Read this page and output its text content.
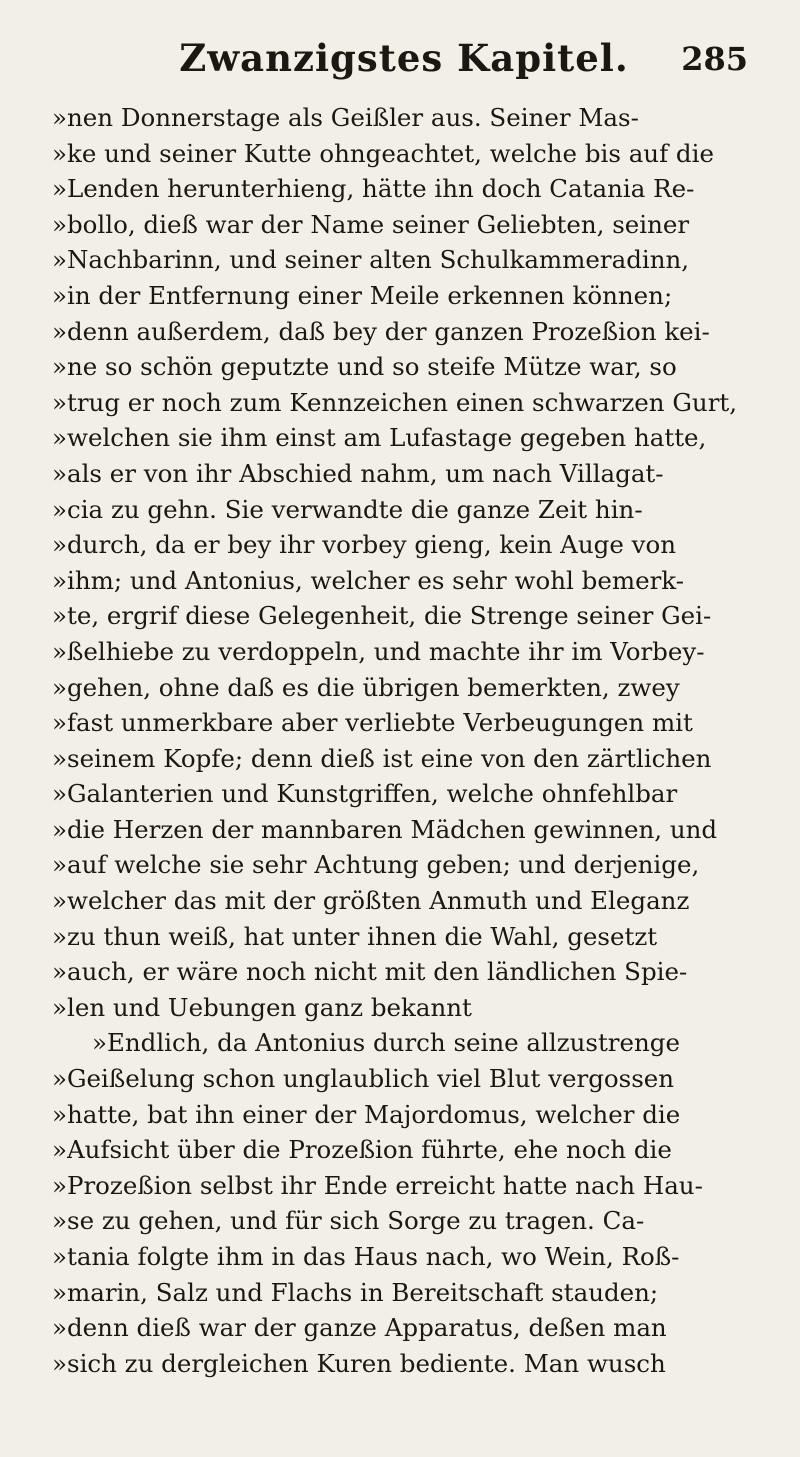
Zwanzigstes Kapitel.	285
»nen Donnerstage als Geißler aus. Seiner Mas-
»ke und seiner Kutte ohngeachtet, welche bis auf die
»Lenden herunterhieng, hätte ihn doch Catania Re-
»bollo, dieß war der Name seiner Geliebten, seiner
»Nachbarinn, und seiner alten Schulkammeradinn,
»in der Entfernung einer Meile erkennen können;
»denn außerdem, daß bey der ganzen Prozeßion kei-
»ne so schön geputzte und so steife Mütze war, so
»trug er noch zum Kennzeichen einen schwarzen Gurt,
»welchen sie ihm einst am Lufastage gegeben hatte,
»als er von ihr Abschied nahm, um nach Villagat-
»cia zu gehn. Sie verwandte die ganze Zeit hin-
»durch, da er bey ihr vorbey gieng, kein Auge von
»ihm; und Antonius, welcher es sehr wohl bemerk-
»te, ergrif diese Gelegenheit, die Strenge seiner Gei-
»ßelhiebe zu verdoppeln, und machte ihr im Vorbey-
»gehen, ohne daß es die übrigen bemerkten, zwey
»fast unmerkbare aber verliebte Verbeugungen mit
»seinem Kopfe; denn dieß ist eine von den zärtlichen
»Galanterien und Kunstgriffen, welche ohnfehlbar
»die Herzen der mannbaren Mädchen gewinnen, und
»auf welche sie sehr Achtung geben; und derjenige,
»welcher das mit der größten Anmuth und Eleganz
»zu thun weiß, hat unter ihnen die Wahl, gesetzt
»auch, er wäre noch nicht mit den ländlichen Spie-
»len und Uebungen ganz bekannt
»Endlich, da Antonius durch seine allzustrenge
»Geißelung schon unglaublich viel Blut vergossen
»hatte, bat ihn einer der Majordomus, welcher die
»Aufsicht über die Prozeßion führte, ehe noch die
»Prozeßion selbst ihr Ende erreicht hatte nach Hau-
»se zu gehen, und für sich Sorge zu tragen. Ca-
»tania folgte ihm in das Haus nach, wo Wein, Roß-
»marin, Salz und Flachs in Bereitschaft stauden;
»denn dieß war der ganze Apparatus, deßen man
»sich zu dergleichen Kuren bediente. Man wusch
